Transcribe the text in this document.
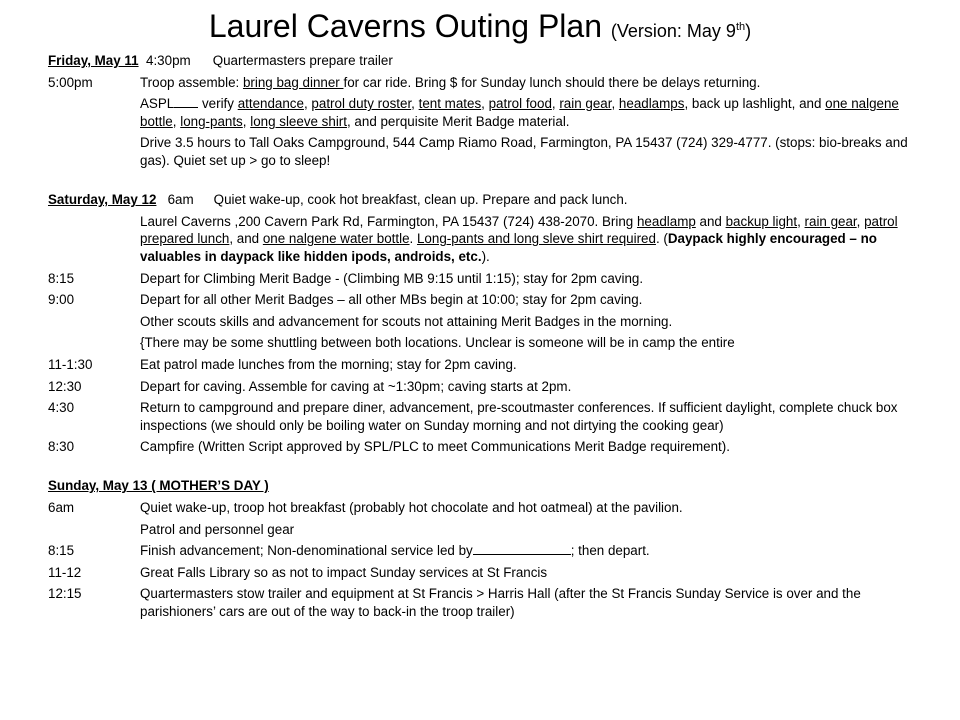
Laurel Caverns Outing Plan (Version: May 9th)
Friday, May 11
4:30pm Quartermasters prepare trailer
5:00pm	Troop assemble: bring bag dinner for car ride. Bring $ for Sunday lunch should there be delays returning.
ASPL verify attendance, patrol duty roster, tent mates, patrol food, rain gear, headlamps, back up lashlight, and one nalgene bottle, long-pants, long sleeve shirt, and perquisite Merit Badge material.
Drive 3.5 hours to Tall Oaks Campground, 544 Camp Riamo Road, Farmington, PA 15437 (724) 329-4777. (stops: bio-breaks and gas). Quiet set up > go to sleep!
Saturday, May 12
6am Quiet wake-up, cook hot breakfast, clean up. Prepare and pack lunch.
Laurel Caverns ,200 Cavern Park Rd, Farmington, PA 15437 (724) 438-2070. Bring headlamp and backup light, rain gear, patrol prepared lunch, and one nalgene water bottle. Long-pants and long sleve shirt required. (Daypack highly encouraged – no valuables in daypack like hidden ipods, androids, etc.).
8:15	Depart for Climbing Merit Badge - (Climbing MB 9:15 until 1:15); stay for 2pm caving.
9:00	Depart for all other Merit Badges – all other MBs begin at 10:00; stay for 2pm caving.
Other scouts skills and advancement for scouts not attaining Merit Badges in the morning.
{There may be some shuttling between both locations. Unclear is someone will be in camp the entire
11-1:30	Eat patrol made lunches from the morning; stay for 2pm caving.
12:30	Depart for caving. Assemble for caving at ~1:30pm; caving starts at 2pm.
4:30	Return to campground and prepare diner, advancement, pre-scoutmaster conferences. If sufficient daylight, complete chuck box inspections (we should only be boiling water on Sunday morning and not dirtying the cooking gear)
8:30	Campfire (Written Script approved by SPL/PLC to meet Communications Merit Badge requirement).
Sunday, May 13 ( MOTHER’S DAY )
6am	Quiet wake-up, troop hot breakfast (probably hot chocolate and hot oatmeal) at the pavilion.
Patrol and personnel gear
8:15	Finish advancement; Non-denominational service led by	; then depart.
11-12	Great Falls Library so as not to impact Sunday services at St Francis
12:15	Quartermasters stow trailer and equipment at St Francis > Harris Hall (after the St Francis Sunday Service is over and the parishioners’ cars are out of the way to back-in the troop trailer)
